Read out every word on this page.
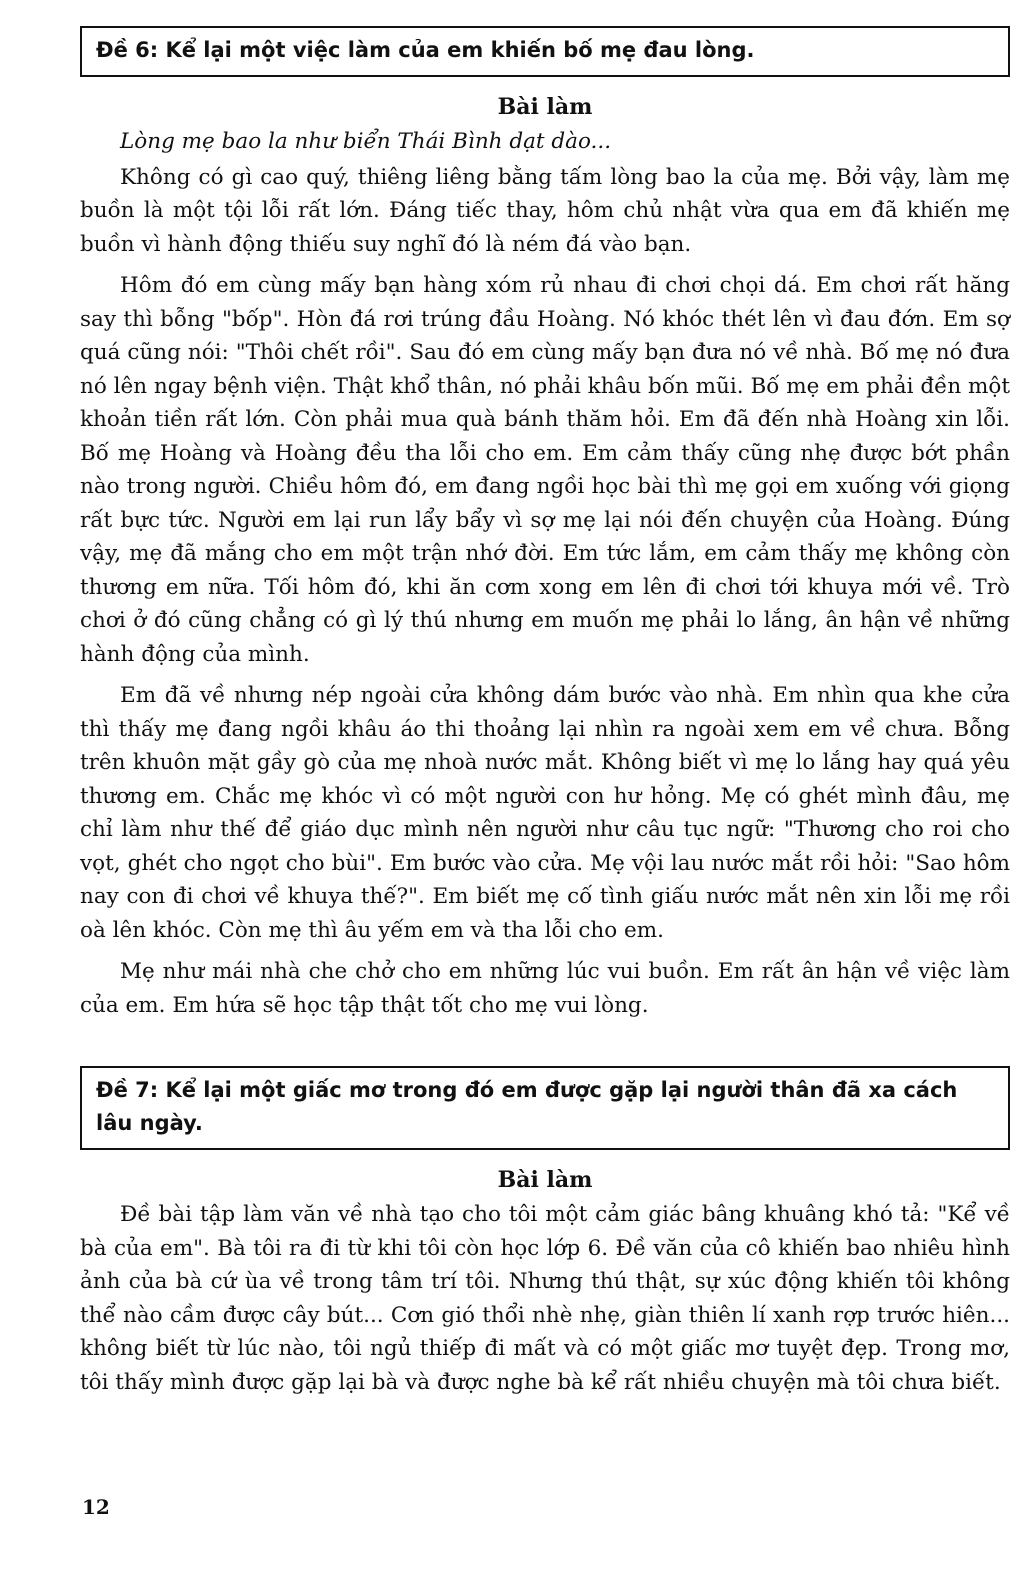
Đề 6: Kể lại một việc làm của em khiến bố mẹ đau lòng.
Bài làm

Lòng mẹ bao la như biển Thái Bình dạt dào...

Không có gì cao quý, thiêng liêng bằng tấm lòng bao la của mẹ. Bởi vậy, làm mẹ buồn là một tội lỗi rất lớn. Đáng tiếc thay, hôm chủ nhật vừa qua em đã khiến mẹ buồn vì hành động thiếu suy nghĩ đó là ném đá vào bạn.

Hôm đó em cùng mấy bạn hàng xóm rủ nhau đi chơi chọi dá. Em chơi rất hăng say thì bỗng "bốp". Hòn đá rơi trúng đầu Hoàng. Nó khóc thét lên vì đau đớn. Em sợ quá cũng nói: "Thôi chết rồi". Sau đó em cùng mấy bạn đưa nó về nhà. Bố mẹ nó đưa nó lên ngay bệnh viện. Thật khổ thân, nó phải khâu bốn mũi. Bố mẹ em phải đền một khoản tiền rất lớn. Còn phải mua quà bánh thăm hỏi. Em đã đến nhà Hoàng xin lỗi. Bố mẹ Hoàng và Hoàng đều tha lỗi cho em. Em cảm thấy cũng nhẹ được bớt phần nào trong người. Chiều hôm đó, em đang ngồi học bài thì mẹ gọi em xuống với giọng rất bực tức. Người em lại run lẩy bẩy vì sợ mẹ lại nói đến chuyện của Hoàng. Đúng vậy, mẹ đã mắng cho em một trận nhớ đời. Em tức lắm, em cảm thấy mẹ không còn thương em nữa. Tối hôm đó, khi ăn cơm xong em lên đi chơi tới khuya mới về. Trò chơi ở đó cũng chẳng có gì lý thú nhưng em muốn mẹ phải lo lắng, ân hận về những hành động của mình.

Em đã về nhưng nép ngoài cửa không dám bước vào nhà. Em nhìn qua khe cửa thì thấy mẹ đang ngồi khâu áo thi thoảng lại nhìn ra ngoài xem em về chưa. Bỗng trên khuôn mặt gầy gò của mẹ nhoà nước mắt. Không biết vì mẹ lo lắng hay quá yêu thương em. Chắc mẹ khóc vì có một người con hư hỏng. Mẹ có ghét mình đâu, mẹ chỉ làm như thế để giáo dục mình nên người như câu tục ngữ: "Thương cho roi cho vọt, ghét cho ngọt cho bùi". Em bước vào cửa. Mẹ vội lau nước mắt rồi hỏi: "Sao hôm nay con đi chơi về khuya thế?". Em biết mẹ cố tình giấu nước mắt nên xin lỗi mẹ rồi oà lên khóc. Còn mẹ thì âu yếm em và tha lỗi cho em.

Mẹ như mái nhà che chở cho em những lúc vui buồn. Em rất ân hận về việc làm của em. Em hứa sẽ học tập thật tốt cho mẹ vui lòng.

Đề 7: Kể lại một giấc mơ trong đó em được gặp lại người thân đã xa cách lâu ngày.
Bài làm

Đề bài tập làm văn về nhà tạo cho tôi một cảm giác bâng khuâng khó tả: "Kể về bà của em". Bà tôi ra đi từ khi tôi còn học lớp 6. Đề văn của cô khiến bao nhiêu hình ảnh của bà cứ ùa về trong tâm trí tôi. Nhưng thú thật, sự xúc động khiến tôi không thể nào cầm được cây bút... Cơn gió thổi nhè nhẹ, giàn thiên lí xanh rợp trước hiên... không biết từ lúc nào, tôi ngủ thiếp đi mất và có một giấc mơ tuyệt đẹp. Trong mơ, tôi thấy mình được gặp lại bà và được nghe bà kể rất nhiều chuyện mà tôi chưa biết.

12
